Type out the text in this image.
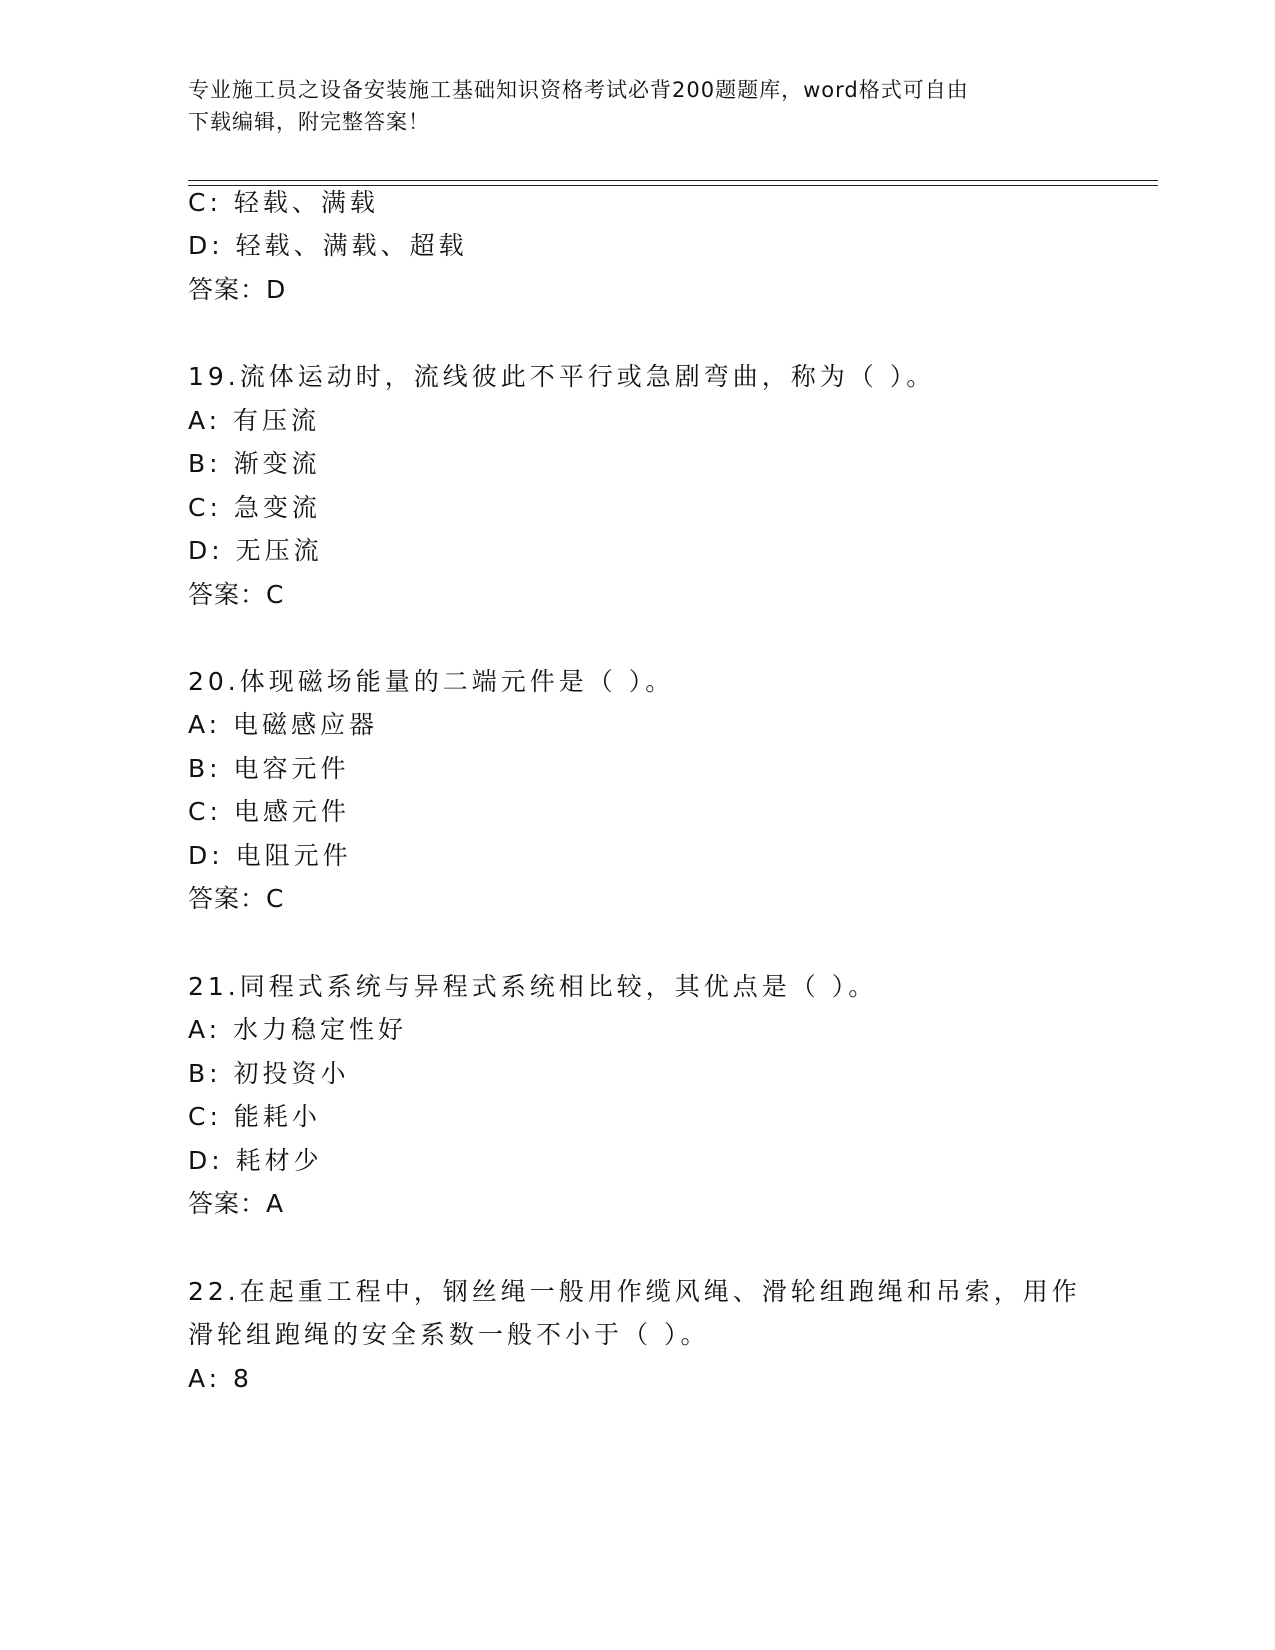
专业施工员之设备安装施工基础知识资格考试必背200题题库，word格式可自由
下载编辑，附完整答案！
C: 轻载、满载
D: 轻载、满载、超载
答案：D
19.流体运动时，流线彼此不平行或急剧弯曲，称为（ ）。
A: 有压流
B: 渐变流
C: 急变流
D: 无压流
答案：C
20.体现磁场能量的二端元件是（ ）。
A: 电磁感应器
B: 电容元件
C: 电感元件
D: 电阻元件
答案：C
21.同程式系统与异程式系统相比较，其优点是（ ）。
A: 水力稳定性好
B: 初投资小
C: 能耗小
D: 耗材少
答案：A
22.在起重工程中，钢丝绳一般用作缆风绳、滑轮组跑绳和吊索，用作
滑轮组跑绳的安全系数一般不小于（ ）。
A: 8
